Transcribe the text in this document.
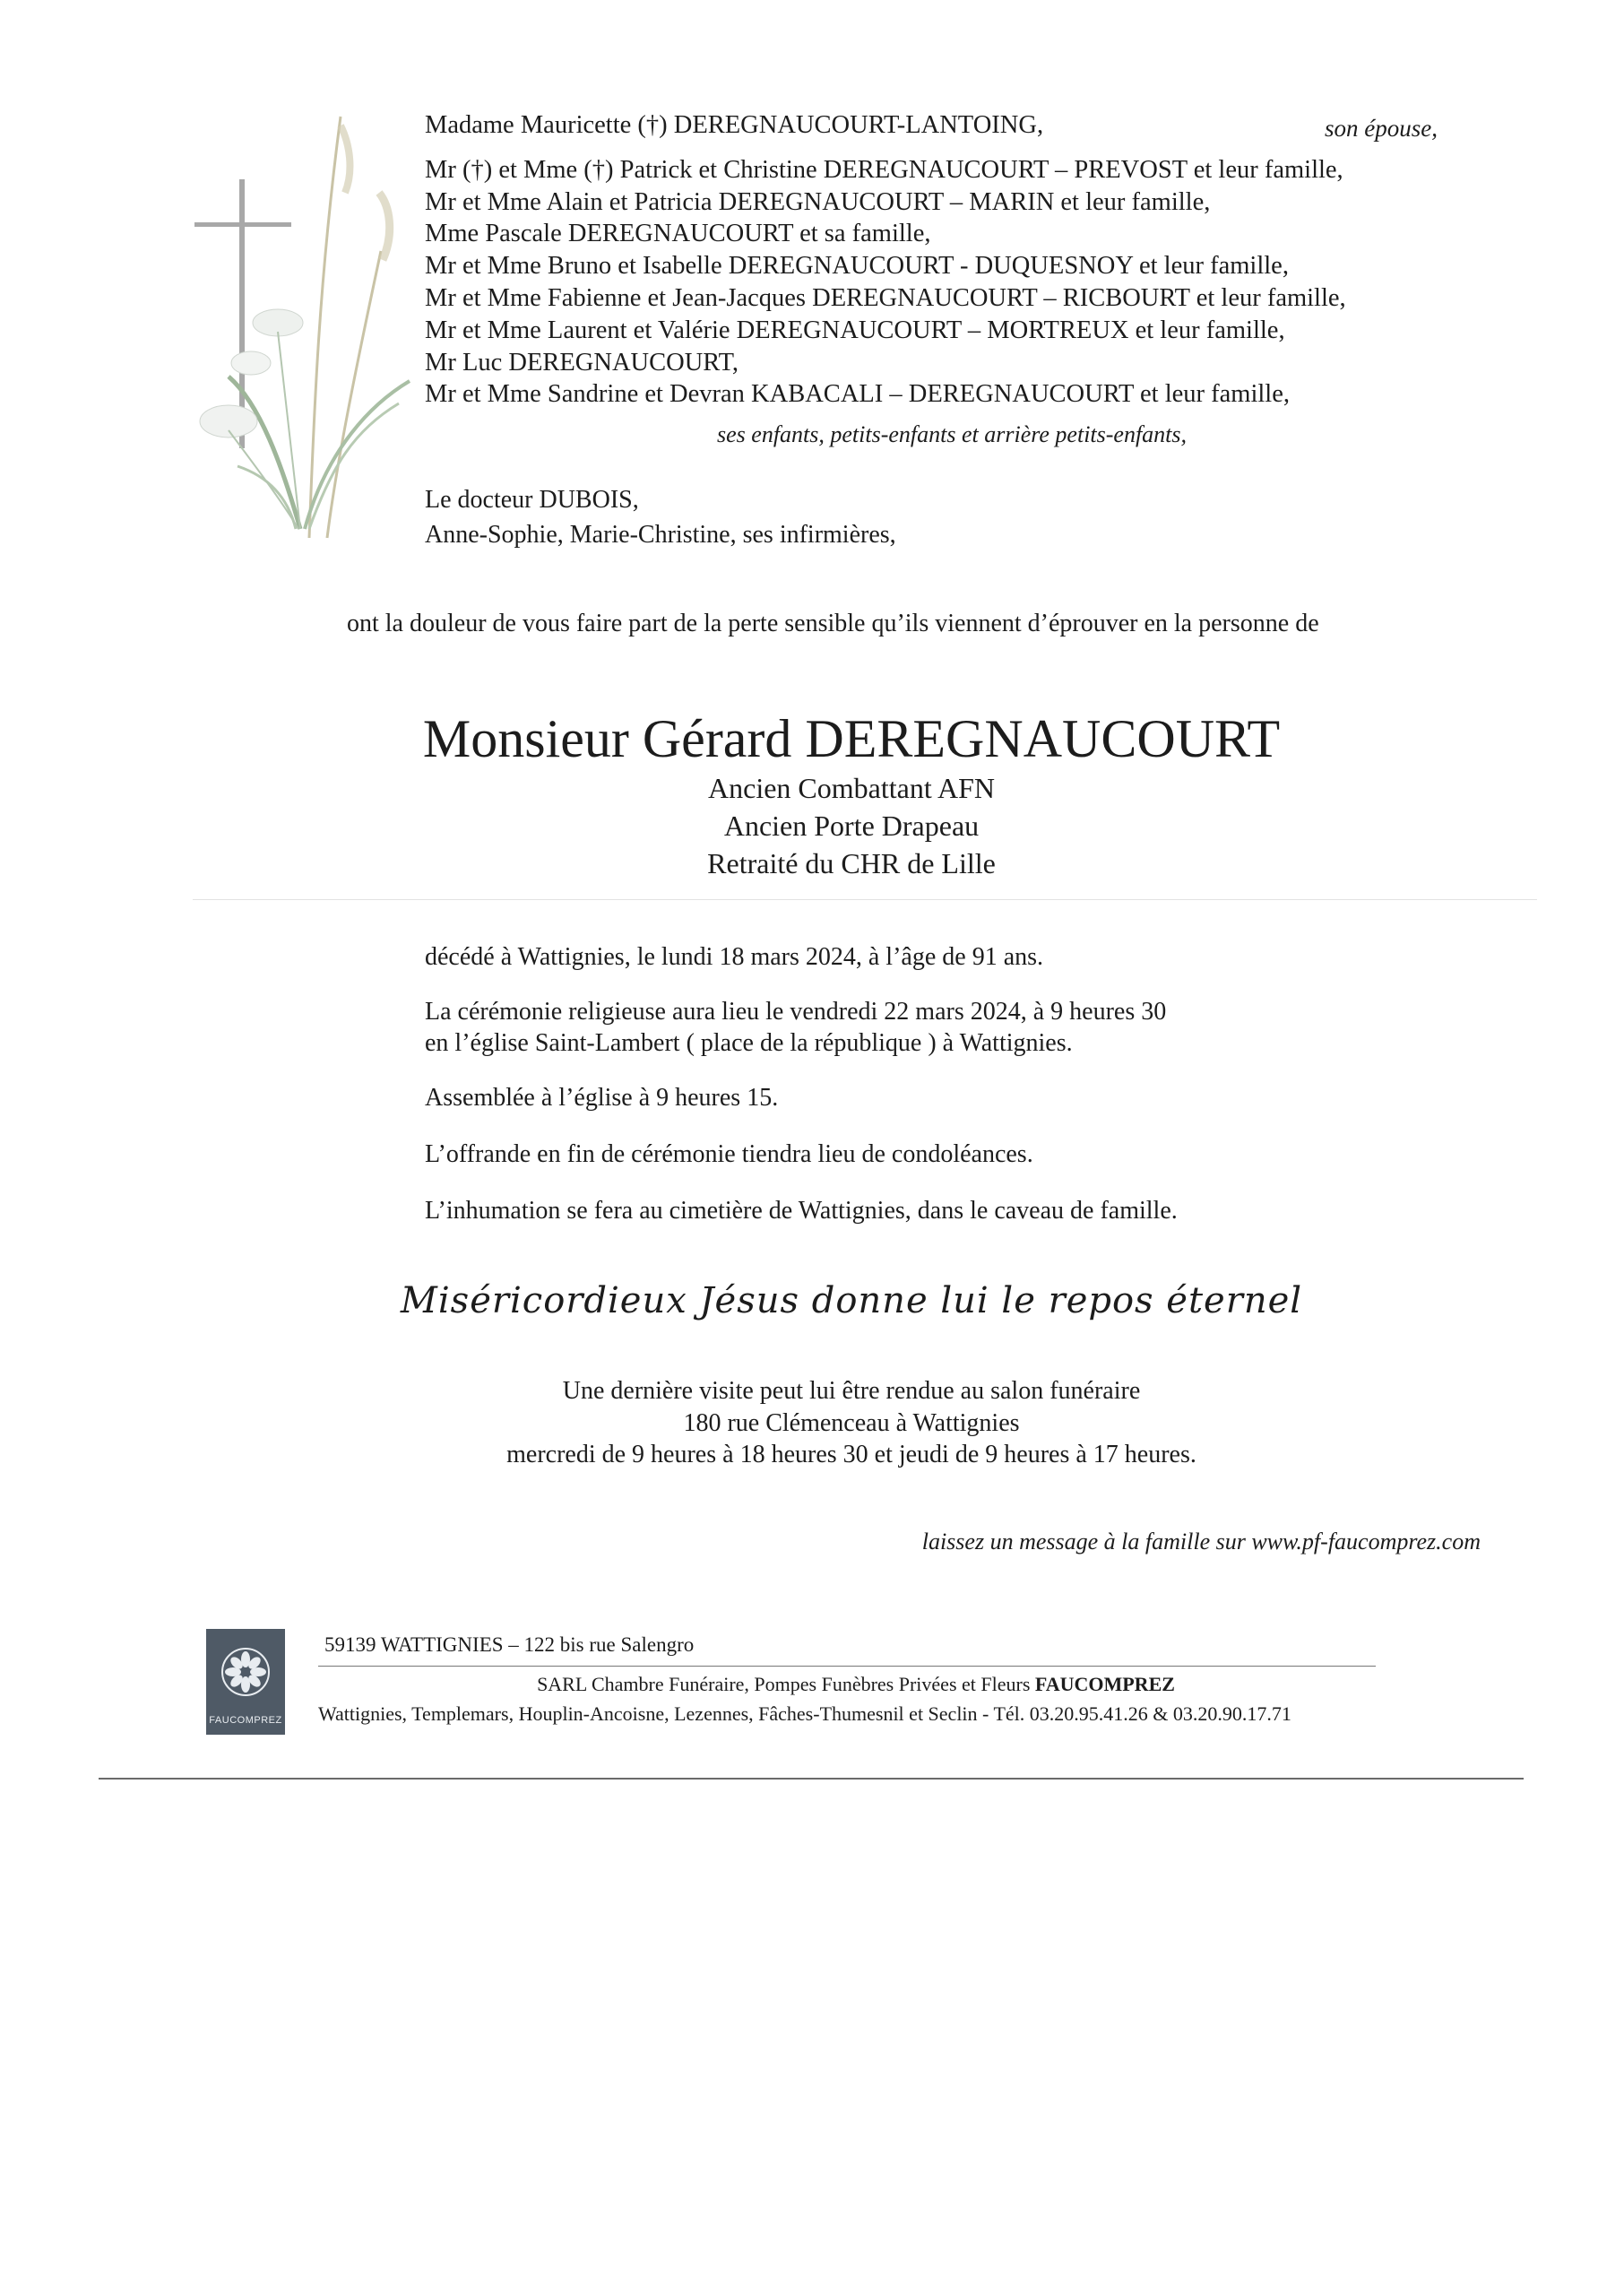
Madame Mauricette (†) DEREGNAUCOURT-LANTOING,	son épouse,
Mr (†) et Mme (†) Patrick et Christine DEREGNAUCOURT – PREVOST et leur famille,
Mr et Mme Alain et Patricia DEREGNAUCOURT – MARIN et leur famille,
Mme Pascale DEREGNAUCOURT et sa famille,
Mr et Mme Bruno et Isabelle DEREGNAUCOURT - DUQUESNOY et leur famille,
Mr et Mme Fabienne et Jean-Jacques DEREGNAUCOURT – RICBOURT et leur famille,
Mr et Mme Laurent et Valérie DEREGNAUCOURT – MORTREUX et leur famille,
Mr Luc DEREGNAUCOURT,
Mr et Mme Sandrine et Devran KABACALI – DEREGNAUCOURT et leur famille,
ses enfants, petits-enfants et arrière petits-enfants,
Le docteur DUBOIS,
Anne-Sophie, Marie-Christine, ses infirmières,
ont la douleur de vous faire part de la perte sensible qu’ils viennent d’éprouver en la personne de
Monsieur Gérard DEREGNAUCOURT
Ancien Combattant AFN
Ancien Porte Drapeau
Retraité du CHR de Lille
décédé à Wattignies, le lundi 18 mars 2024, à l’âge de 91 ans.
La cérémonie religieuse aura lieu le vendredi 22 mars 2024, à 9 heures 30
en l’église Saint-Lambert ( place de la république ) à Wattignies.
Assemblée à l’église à 9 heures 15.
L’offrande en fin de cérémonie tiendra lieu de condoléances.
L’inhumation se fera au cimetière de Wattignies, dans le caveau de famille.
Miséricordieux Jésus donne lui le repos éternel
Une dernière visite peut lui être rendue au salon funéraire
180 rue Clémenceau à Wattignies
mercredi de 9 heures à 18 heures 30 et jeudi de 9 heures à 17 heures.
laissez un message à la famille sur www.pf-faucomprez.com
FAUCOMPREZ
59139 WATTIGNIES – 122 bis rue Salengro
SARL Chambre Funéraire, Pompes Funèbres Privées et Fleurs FAUCOMPREZ
Wattignies, Templemars, Houplin-Ancoisne, Lezennes, Fâches-Thumesnil et Seclin - Tél. 03.20.95.41.26 & 03.20.90.17.71
